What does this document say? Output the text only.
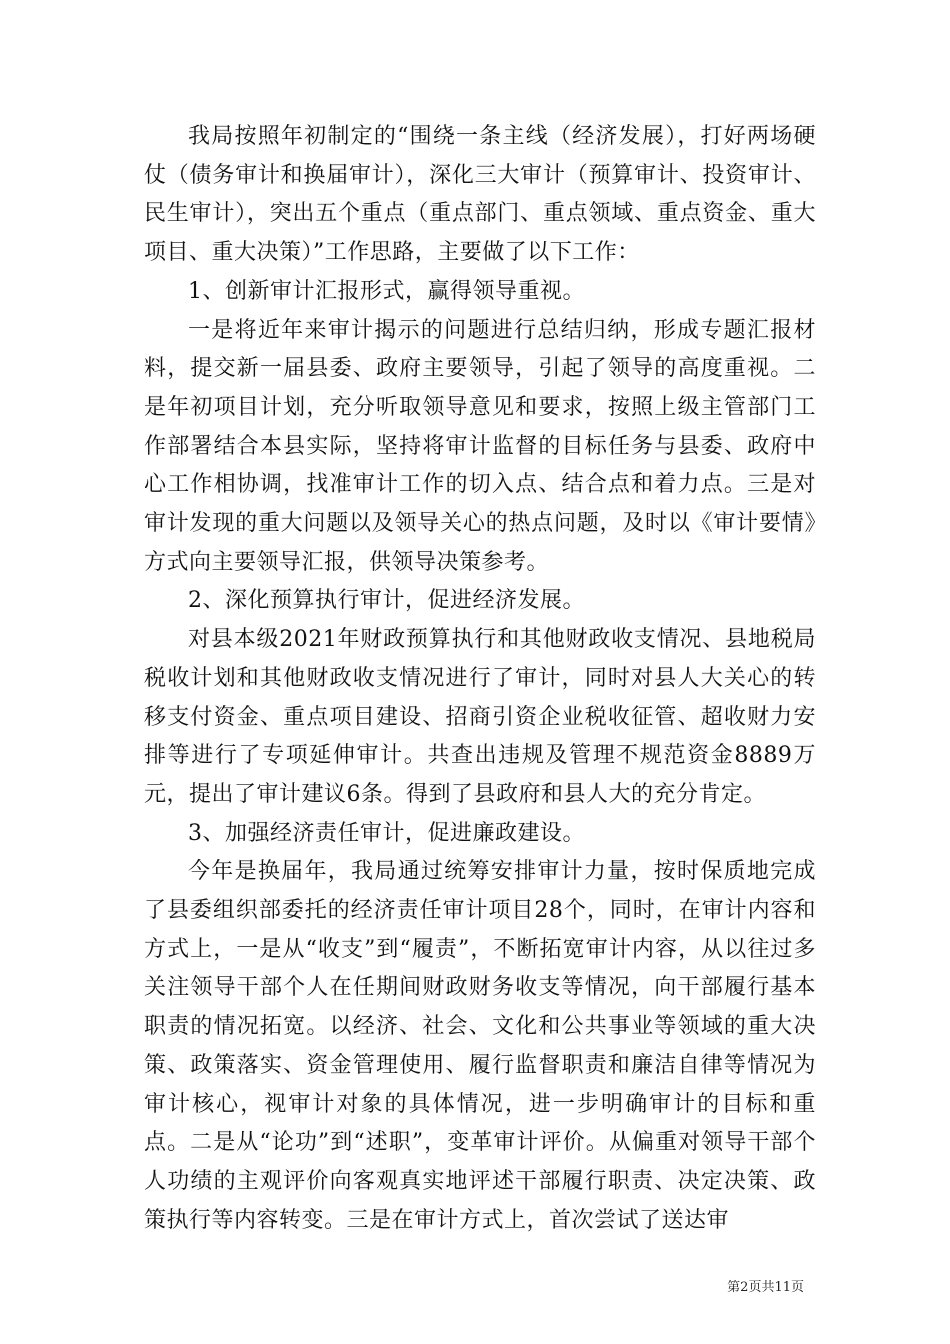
我局按照年初制定的“围绕一条主线（经济发展），打好两场硬仗（债务审计和换届审计），深化三大审计（预算审计、投资审计、民生审计），突出五个重点（重点部门、重点领域、重点资金、重大项目、重大决策）”工作思路，主要做了以下工作：

1、创新审计汇报形式，赢得领导重视。

一是将近年来审计揭示的问题进行总结归纳，形成专题汇报材料，提交新一届县委、政府主要领导，引起了领导的高度重视。二是年初项目计划，充分听取领导意见和要求，按照上级主管部门工作部署结合本县实际，坚持将审计监督的目标任务与县委、政府中心工作相协调，找准审计工作的切入点、结合点和着力点。三是对审计发现的重大问题以及领导关心的热点问题，及时以《审计要情》方式向主要领导汇报，供领导决策参考。

2、深化预算执行审计，促进经济发展。

对县本级2021年财政预算执行和其他财政收支情况、县地税局税收计划和其他财政收支情况进行了审计，同时对县人大关心的转移支付资金、重点项目建设、招商引资企业税收征管、超收财力安排等进行了专项延伸审计。共查出违规及管理不规范资金8889万元，提出了审计建议6条。得到了县政府和县人大的充分肯定。

3、加强经济责任审计，促进廉政建设。

今年是换届年，我局通过统筹安排审计力量，按时保质地完成了县委组织部委托的经济责任审计项目28个，同时，在审计内容和方式上，一是从“收支”到“履责”，不断拓宽审计内容，从以往过多关注领导干部个人在任期间财政财务收支等情况，向干部履行基本职责的情况拓宽。以经济、社会、文化和公共事业等领域的重大决策、政策落实、资金管理使用、履行监督职责和廉洁自律等情况为审计核心，视审计对象的具体情况，进一步明确审计的目标和重点。二是从“论功”到“述职”，变革审计评价。从偏重对领导干部个人功绩的主观评价向客观真实地评述干部履行职责、决定决策、政策执行等内容转变。三是在审计方式上，首次尝试了送达审

第2页共11页
